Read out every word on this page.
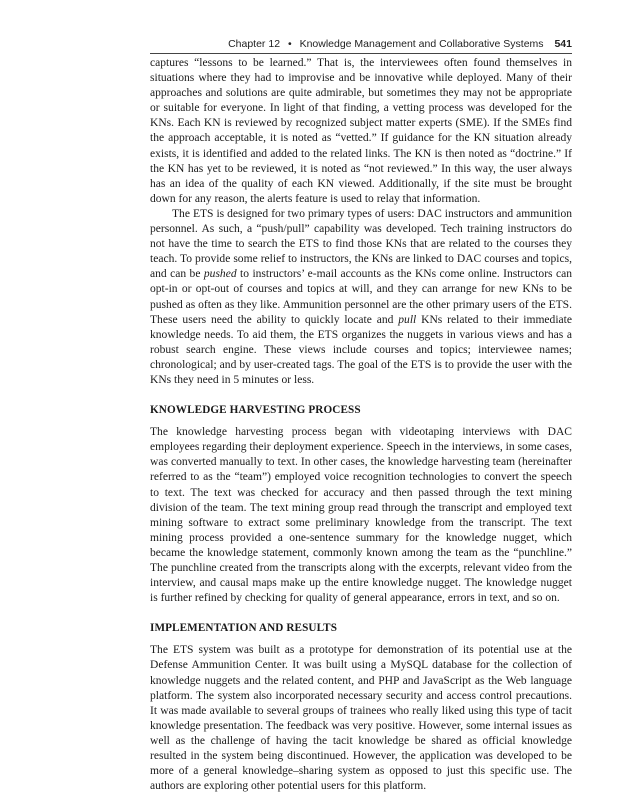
Chapter 12 • Knowledge Management and Collaborative Systems 541

captures “lessons to be learned.” That is, the interviewees often found themselves in situations where they had to improvise and be innovative while deployed. Many of their approaches and solutions are quite admirable, but sometimes they may not be appropriate or suitable for everyone. In light of that finding, a vetting process was developed for the KNs. Each KN is reviewed by recognized subject matter experts (SME). If the SMEs find the approach acceptable, it is noted as “vetted.” If guidance for the KN situation already exists, it is identified and added to the related links. The KN is then noted as “doctrine.” If the KN has yet to be reviewed, it is noted as “not reviewed.” In this way, the user always has an idea of the quality of each KN viewed. Additionally, if the site must be brought down for any reason, the alerts feature is used to relay that information.

The ETS is designed for two primary types of users: DAC instructors and ammunition personnel. As such, a “push/pull” capability was developed. Tech training instructors do not have the time to search the ETS to find those KNs that are related to the courses they teach. To provide some relief to instructors, the KNs are linked to DAC courses and topics, and can be pushed to instructors’ e-mail accounts as the KNs come online. Instructors can opt-in or opt-out of courses and topics at will, and they can arrange for new KNs to be pushed as often as they like. Ammunition personnel are the other primary users of the ETS. These users need the ability to quickly locate and pull KNs related to their immediate knowledge needs. To aid them, the ETS organizes the nuggets in various views and has a robust search engine. These views include courses and topics; interviewee names; chronological; and by user-created tags. The goal of the ETS is to provide the user with the KNs they need in 5 minutes or less.

KNOWLEDGE HARVESTING PROCESS

The knowledge harvesting process began with videotaping interviews with DAC employees regarding their deployment experience. Speech in the interviews, in some cases, was converted manually to text. In other cases, the knowledge harvesting team (hereinafter referred to as the “team”) employed voice recognition technologies to convert the speech to text. The text was checked for accuracy and then passed through the text mining division of the team. The text mining group read through the transcript and employed text mining software to extract some preliminary knowledge from the transcript. The text mining process provided a one-sentence summary for the knowledge nugget, which became the knowledge statement, commonly known among the team as the “punchline.” The punchline created from the transcripts along with the excerpts, relevant video from the interview, and causal maps make up the entire knowledge nugget. The knowledge nugget is further refined by checking for quality of general appearance, errors in text, and so on.

IMPLEMENTATION AND RESULTS

The ETS system was built as a prototype for demonstration of its potential use at the Defense Ammunition Center. It was built using a MySQL database for the collection of knowledge nuggets and the related content, and PHP and JavaScript as the Web language platform. The system also incorporated necessary security and access control precautions. It was made available to several groups of trainees who really liked using this type of tacit knowledge presentation. The feedback was very positive. However, some internal issues as well as the challenge of having the tacit knowledge be shared as official knowledge resulted in the system being discontinued. However, the application was developed to be more of a general knowledge–sharing system as opposed to just this specific use. The authors are exploring other potential users for this platform.
